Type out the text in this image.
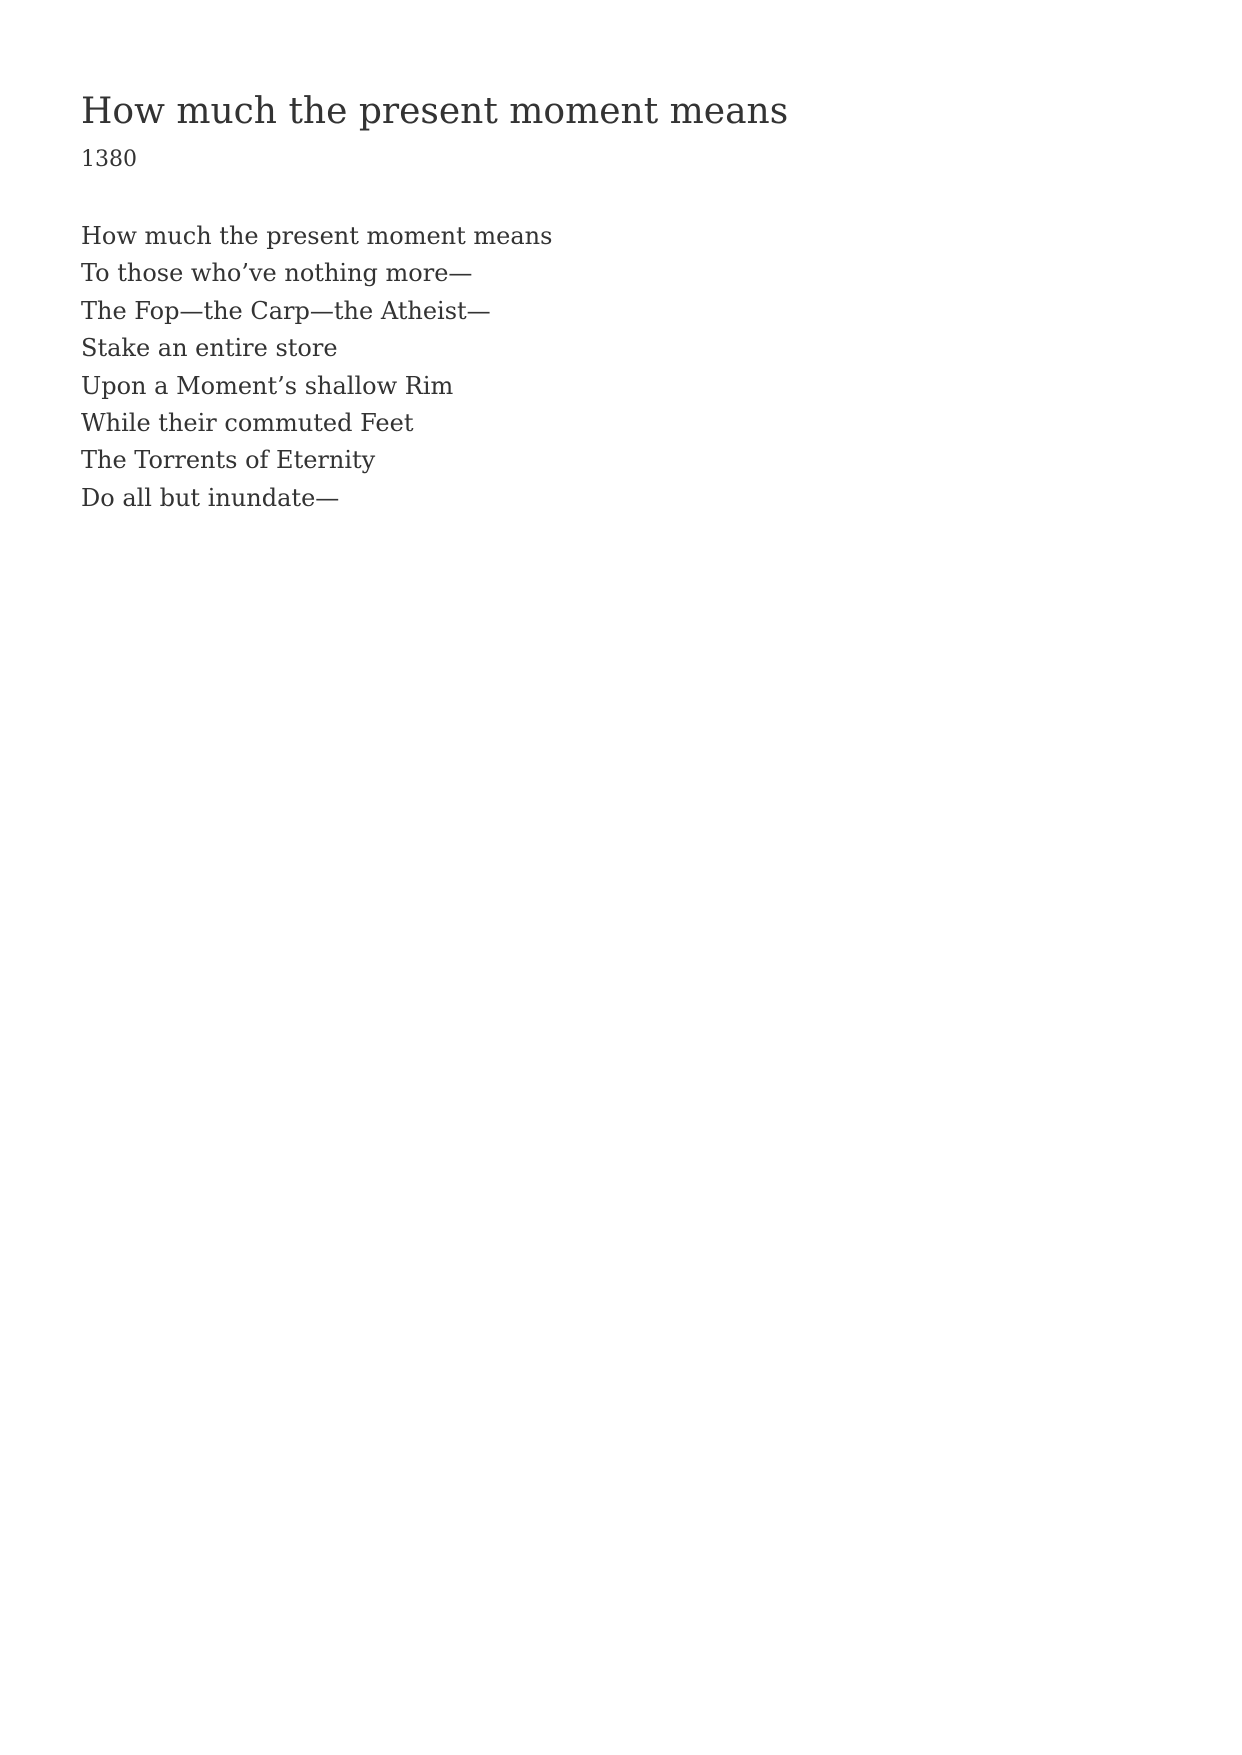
How much the present moment means
1380
How much the present moment means
To those who’ve nothing more—
The Fop—the Carp—the Atheist—
Stake an entire store
Upon a Moment’s shallow Rim
While their commuted Feet
The Torrents of Eternity
Do all but inundate—
